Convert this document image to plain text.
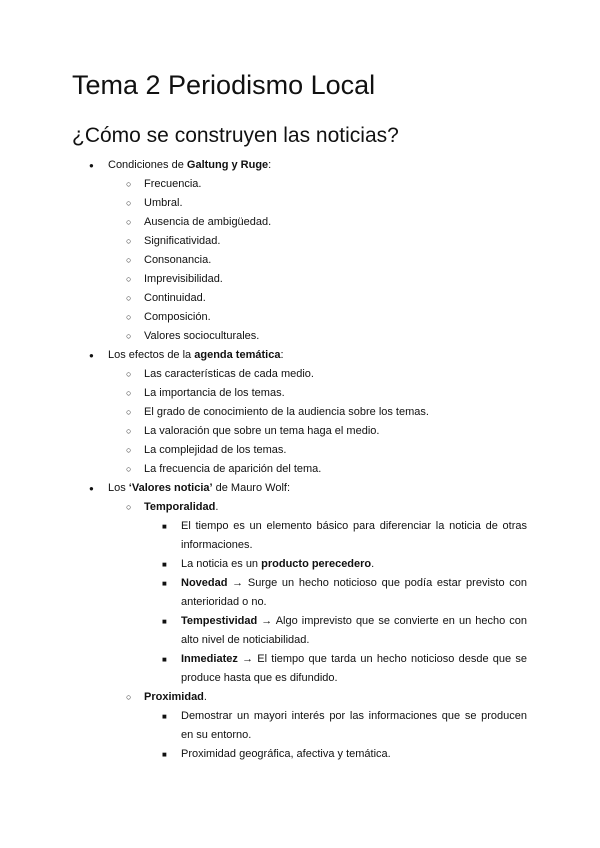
Tema 2 Periodismo Local
¿Cómo se construyen las noticias?
● Condiciones de Galtung y Ruge:
○ Frecuencia.
○ Umbral.
○ Ausencia de ambigüedad.
○ Significatividad.
○ Consonancia.
○ Imprevisibilidad.
○ Continuidad.
○ Composición.
○ Valores socioculturales.
● Los efectos de la agenda temática:
○ Las características de cada medio.
○ La importancia de los temas.
○ El grado de conocimiento de la audiencia sobre los temas.
○ La valoración que sobre un tema haga el medio.
○ La complejidad de los temas.
○ La frecuencia de aparición del tema.
● Los ‘Valores noticia’ de Mauro Wolf:
○ Temporalidad.
■ El tiempo es un elemento básico para diferenciar la noticia de otras informaciones.
■ La noticia es un producto perecedero.
■ Novedad → Surge un hecho noticioso que podía estar previsto con anterioridad o no.
■ Tempestividad → Algo imprevisto que se convierte en un hecho con alto nivel de noticiabilidad.
■ Inmediatez → El tiempo que tarda un hecho noticioso desde que se produce hasta que es difundido.
○ Proximidad.
■ Demostrar un mayori interés por las informaciones que se producen en su entorno.
■ Proximidad geográfica, afectiva y temática.
